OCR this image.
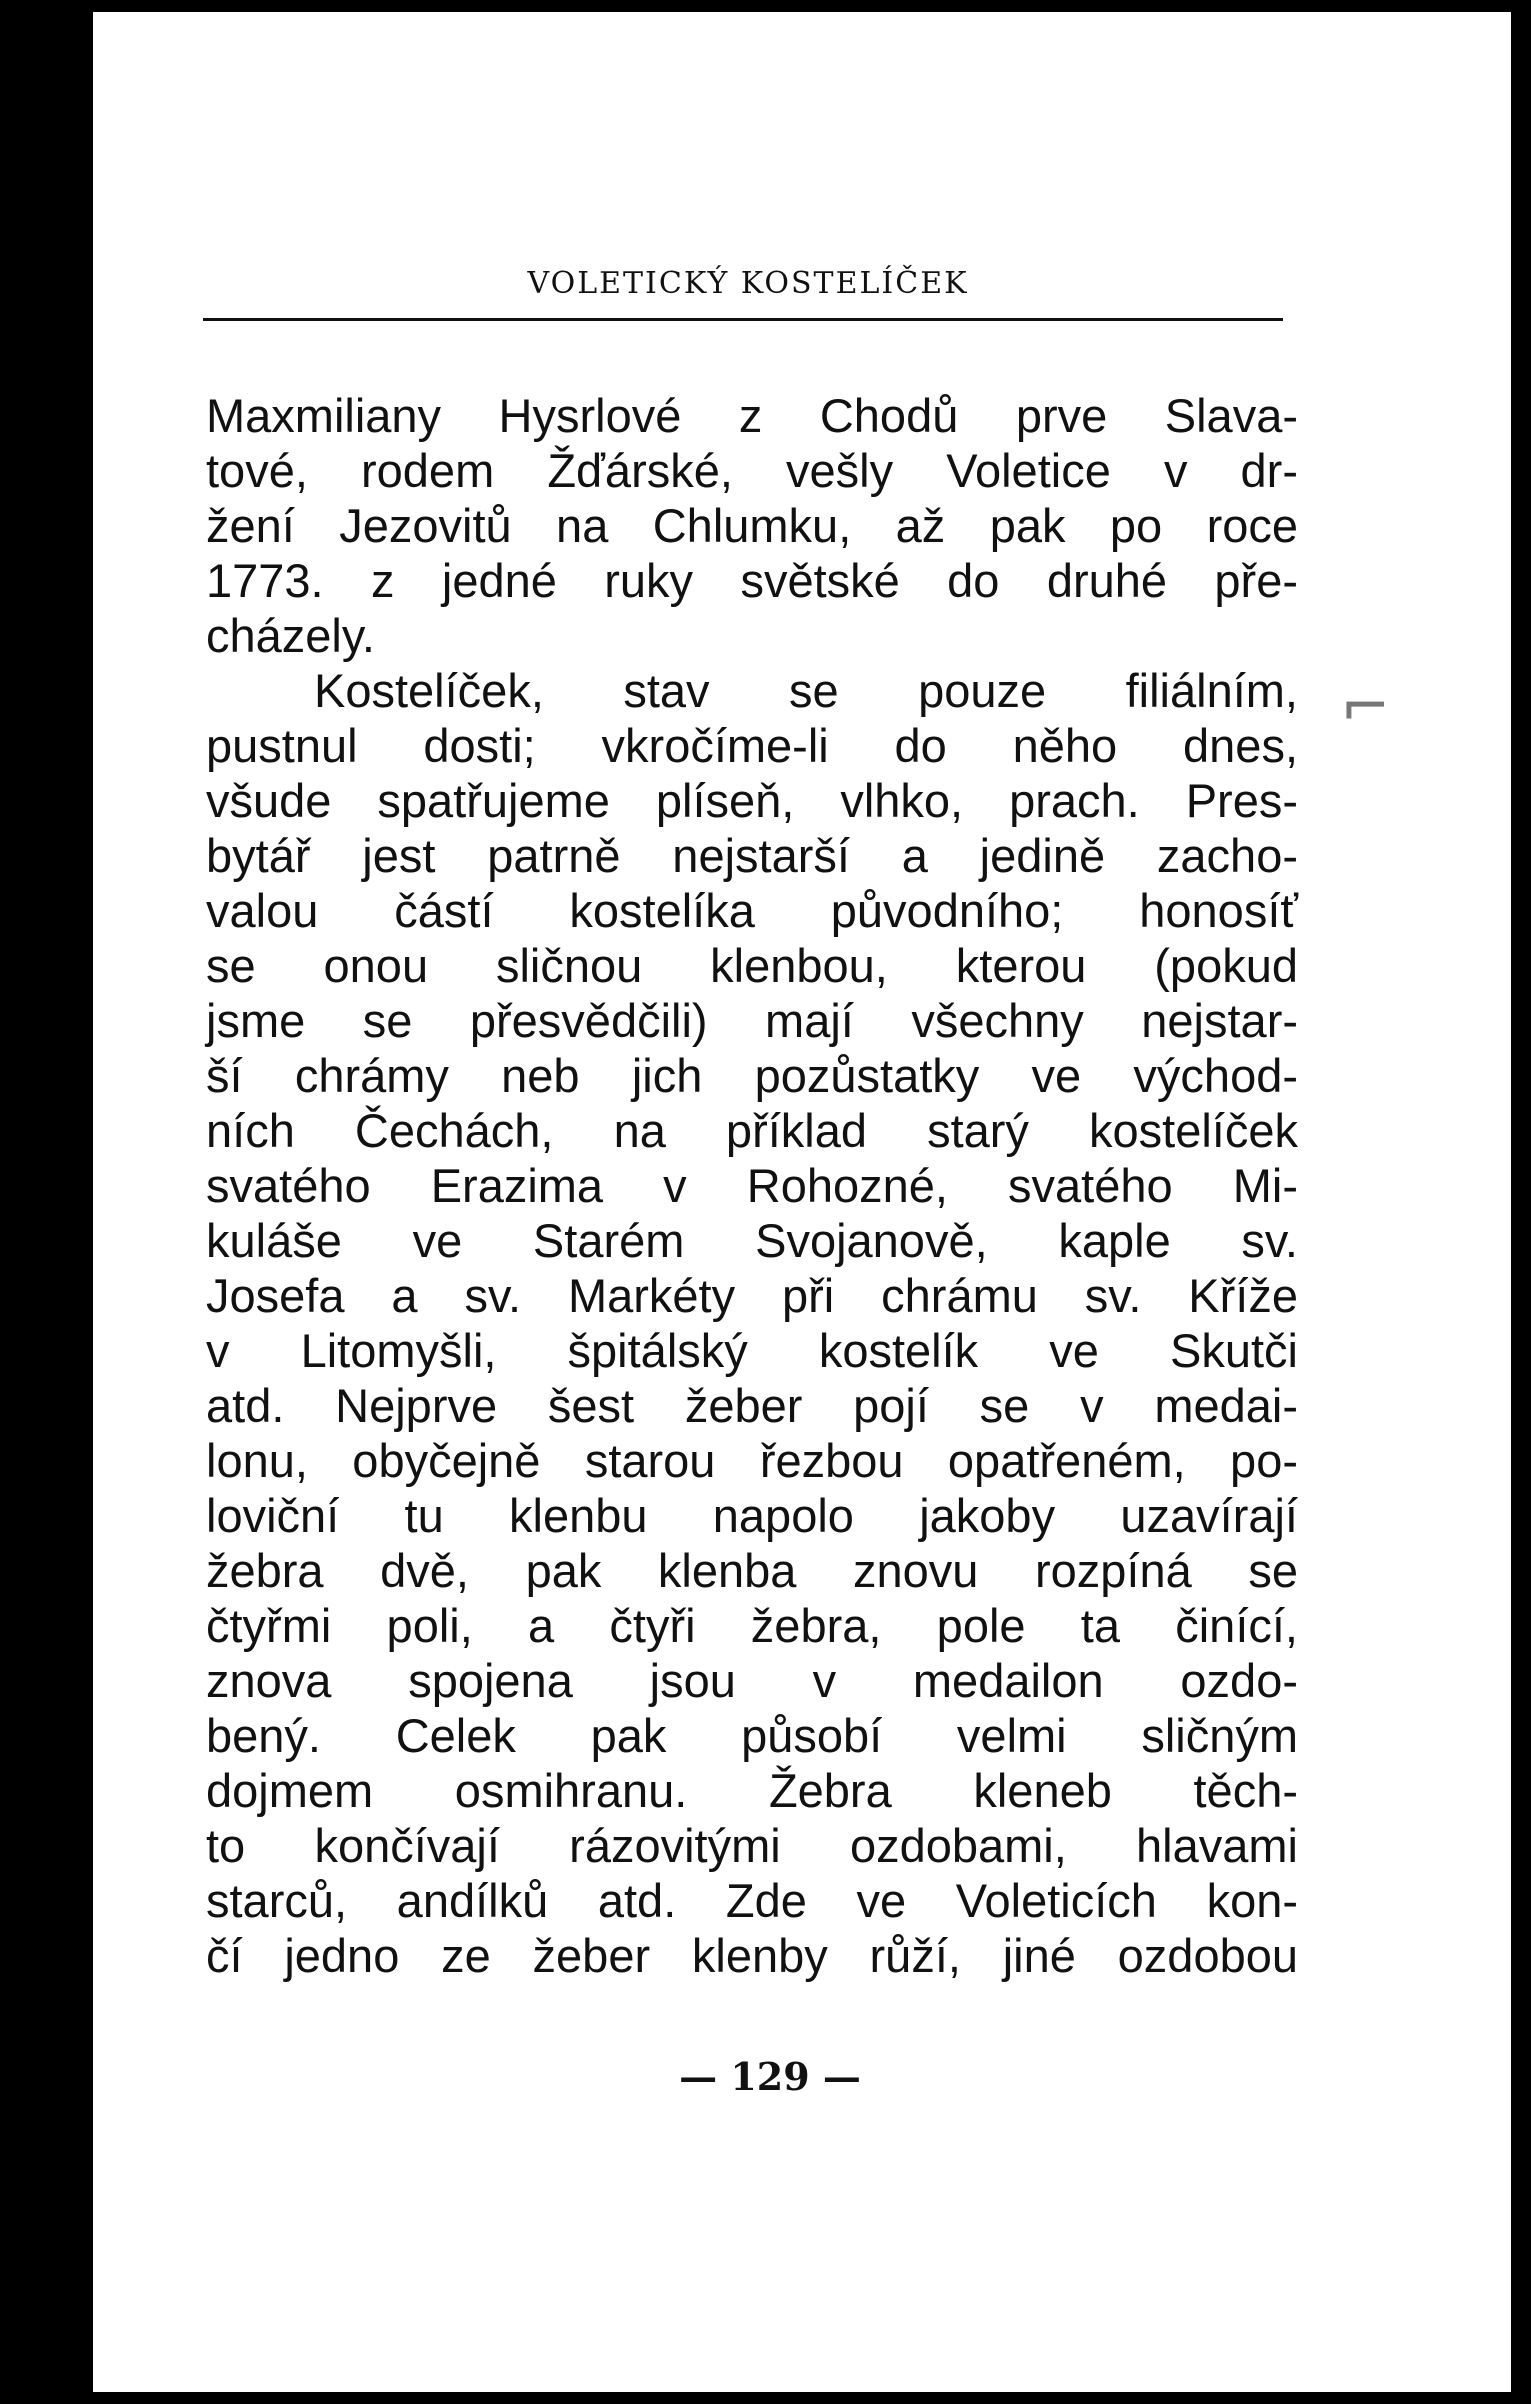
⌐
VOLETICKÝ KOSTELÍČEK
Maxmiliany Hysrlové z Chodů prve Slava-
tové, rodem Žďárské, vešly Voletice v dr-
žení Jezovitů na Chlumku, až pak po roce
1773. z jedné ruky světské do druhé pře-
cházely.
Kostelíček, stav se pouze filiálním,
pustnul dosti; vkročíme-li do něho dnes,
všude spatřujeme plíseň, vlhko, prach. Pres-
bytář jest patrně nejstarší a jedině zacho-
valou částí kostelíka původního; honosíť
se onou sličnou klenbou, kterou (pokud
jsme se přesvědčili) mají všechny nejstar-
ší chrámy neb jich pozůstatky ve východ-
ních Čechách, na příklad starý kostelíček
svatého Erazima v Rohozné, svatého Mi-
kuláše ve Starém Svojanově, kaple sv.
Josefa a sv. Markéty při chrámu sv. Kříže
v Litomyšli, špitálský kostelík ve Skutči
atd. Nejprve šest žeber pojí se v medai-
lonu, obyčejně starou řezbou opatřeném, po-
loviční tu klenbu napolo jakoby uzavírají
žebra dvě, pak klenba znovu rozpíná se
čtyřmi poli, a čtyři žebra, pole ta činící,
znova spojena jsou v medailon ozdo-
bený. Celek pak působí velmi sličným
dojmem osmihranu. Žebra kleneb těch-
to končívají rázovitými ozdobami, hlavami
starců, andílků atd. Zde ve Voleticích kon-
čí jedno ze žeber klenby růží, jiné ozdobou
— 129 —
